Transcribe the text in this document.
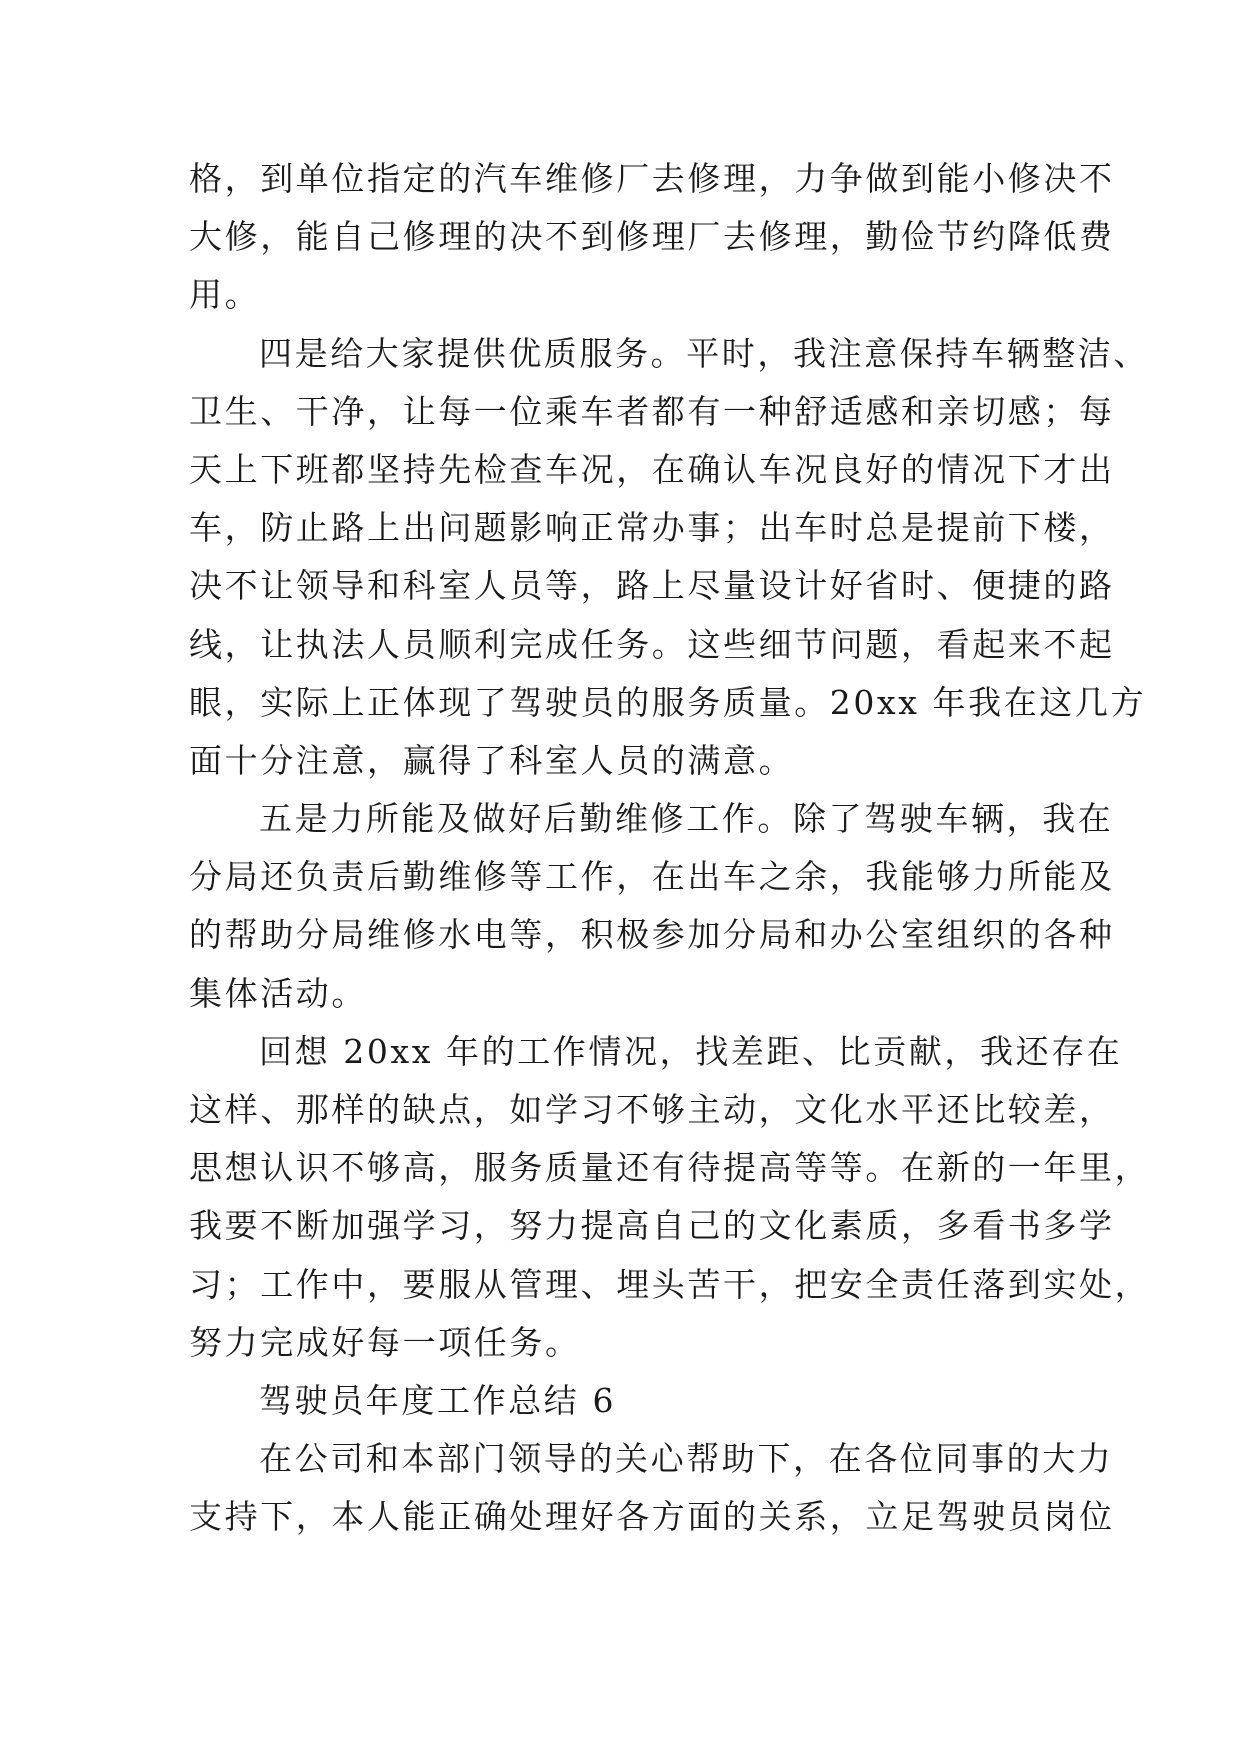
格，到单位指定的汽车维修厂去修理，力争做到能小修决不
大修，能自己修理的决不到修理厂去修理，勤俭节约降低费
用。
四是给大家提供优质服务。平时，我注意保持车辆整洁、
卫生、干净，让每一位乘车者都有一种舒适感和亲切感；每
天上下班都坚持先检查车况，在确认车况良好的情况下才出
车，防止路上出问题影响正常办事；出车时总是提前下楼，
决不让领导和科室人员等，路上尽量设计好省时、便捷的路
线，让执法人员顺利完成任务。这些细节问题，看起来不起
眼，实际上正体现了驾驶员的服务质量。20xx 年我在这几方
面十分注意，赢得了科室人员的满意。
五是力所能及做好后勤维修工作。除了驾驶车辆，我在
分局还负责后勤维修等工作，在出车之余，我能够力所能及
的帮助分局维修水电等，积极参加分局和办公室组织的各种
集体活动。
回想 20xx 年的工作情况，找差距、比贡献，我还存在
这样、那样的缺点，如学习不够主动，文化水平还比较差，
思想认识不够高，服务质量还有待提高等等。在新的一年里，
我要不断加强学习，努力提高自己的文化素质，多看书多学
习；工作中，要服从管理、埋头苦干，把安全责任落到实处，
努力完成好每一项任务。
驾驶员年度工作总结 6
在公司和本部门领导的关心帮助下，在各位同事的大力
支持下，本人能正确处理好各方面的关系，立足驾驶员岗位
